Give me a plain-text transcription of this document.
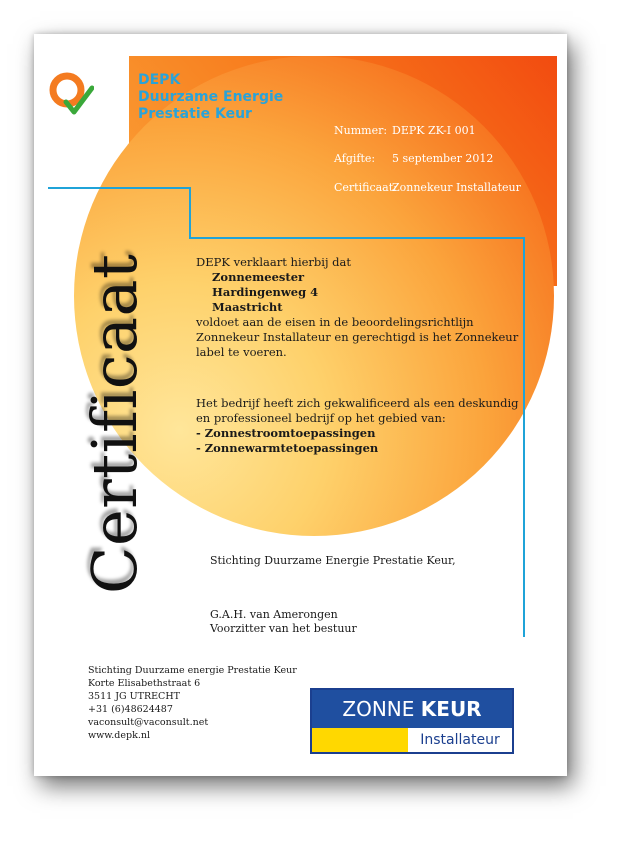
DEPK
Duurzame Energie
Prestatie Keur
Nummer: DEPK ZK-I 001
Afgifte: 5 september 2012
Certificaat:
Zonnekeur Installateur
Certificaat	DEPK verklaart hierbij dat
Zonnemeester
Hardingenweg 4
Maastricht
voldoet aan de eisen in de beoordelingsrichtlijn
Zonnekeur Installateur en gerechtigd is het Zonnekeur
label te voeren.
Het bedrijf heeft zich gekwalificeerd als een deskundig
en professioneel bedrijf op het gebied van:
- Zonnestroomtoepassingen
- Zonnewarmtetoepassingen
Stichting Duurzame Energie Prestatie Keur,
G.A.H. van Amerongen
Voorzitter van het bestuur
Stichting Duurzame energie Prestatie Keur
Korte Elisabethstraat 6
3511 JG UTRECHT
+31 (6)48624487
vaconsult@vaconsult.net
www.depk.nl
ZONNE KEUR
Installateur
